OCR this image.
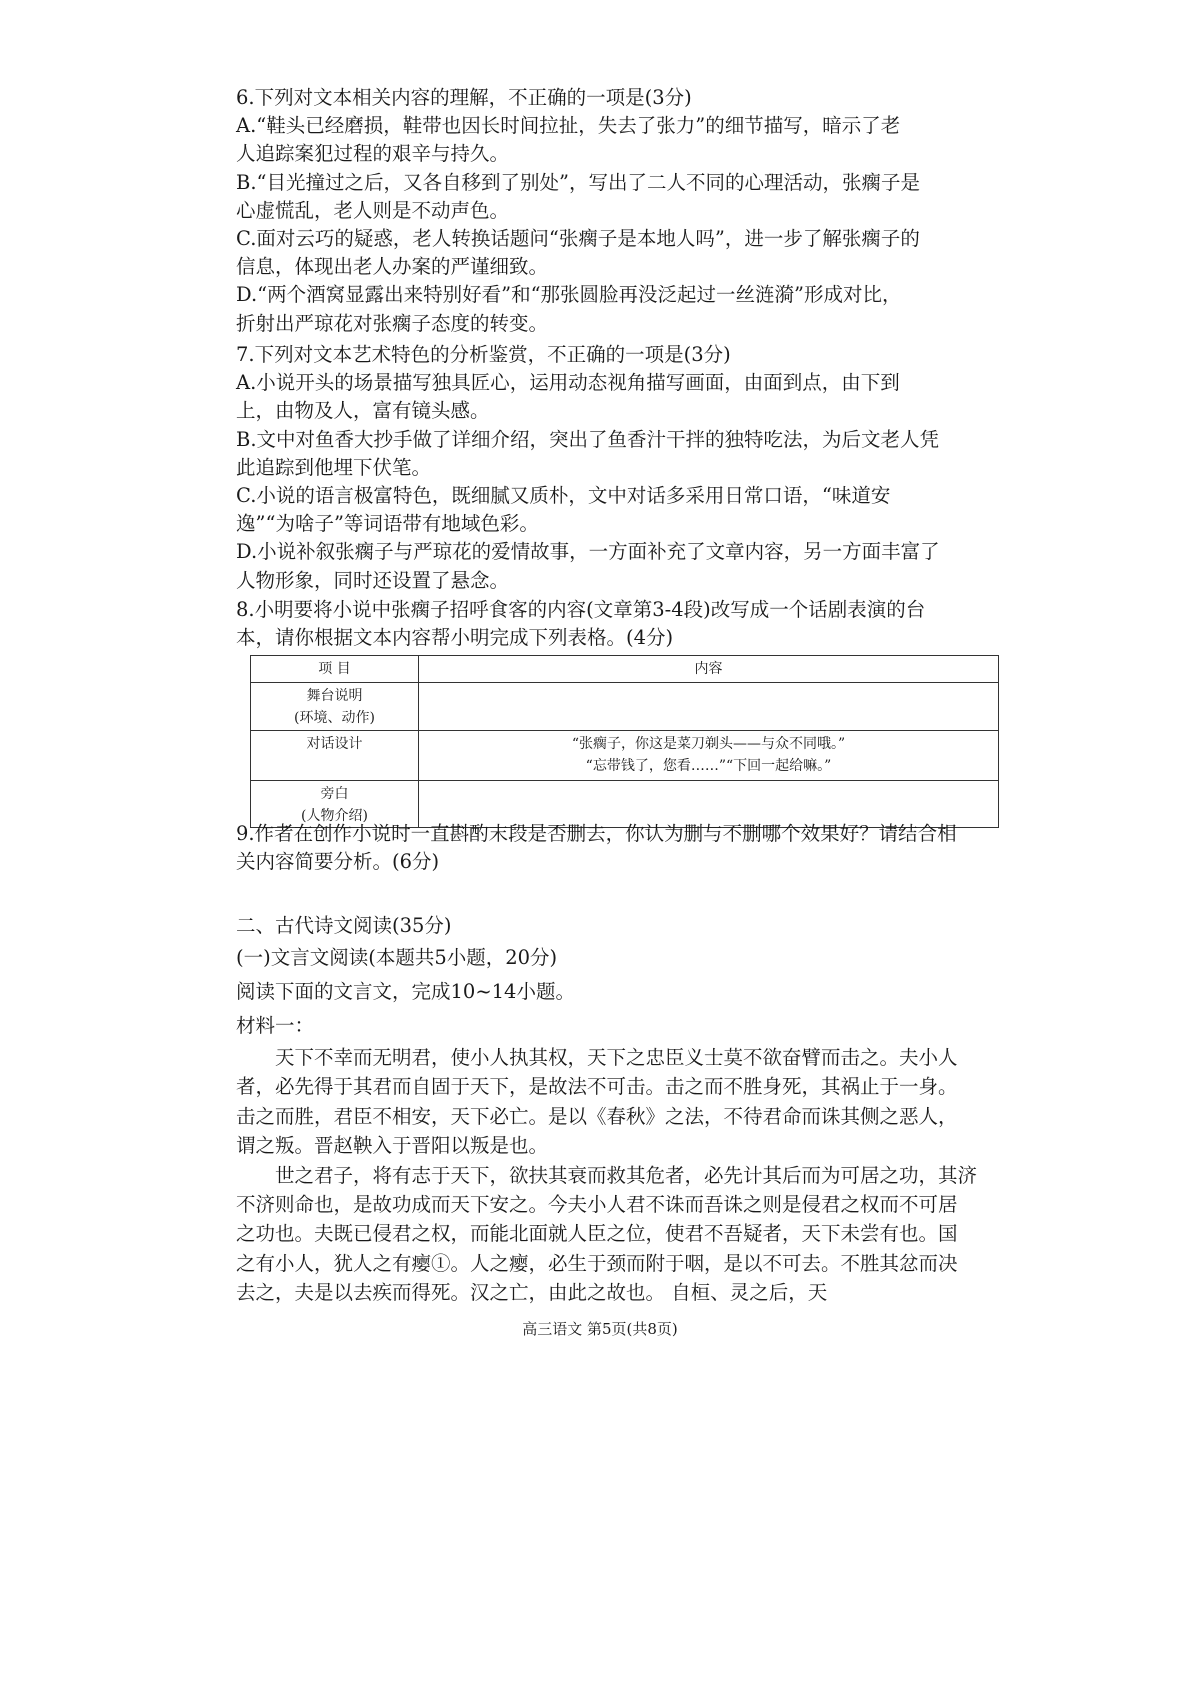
6.下列对文本相关内容的理解，不正确的一项是(3分)

A.“鞋头已经磨损，鞋带也因长时间拉扯，失去了张力”的细节描写，暗示了老

人追踪案犯过程的艰辛与持久。

B.“目光撞过之后，又各自移到了别处”，写出了二人不同的心理活动，张瘸子是

心虚慌乱，老人则是不动声色。

C.面对云巧的疑惑，老人转换话题问“张瘸子是本地人吗”，进一步了解张瘸子的

信息，体现出老人办案的严谨细致。

D.“两个酒窝显露出来特别好看”和“那张圆脸再没泛起过一丝涟漪”形成对比，

折射出严琼花对张瘸子态度的转变。

7.下列对文本艺术特色的分析鉴赏，不正确的一项是(3分)

A.小说开头的场景描写独具匠心，运用动态视角描写画面，由面到点，由下到

上，由物及人，富有镜头感。

B.文中对鱼香大抄手做了详细介绍，突出了鱼香汁干拌的独特吃法，为后文老人凭

此追踪到他埋下伏笔。

C.小说的语言极富特色，既细腻又质朴，文中对话多采用日常口语，“味道安

逸”“为啥子”等词语带有地域色彩。

D.小说补叙张瘸子与严琼花的爱情故事，一方面补充了文章内容，另一方面丰富了

人物形象，同时还设置了悬念。

8.小明要将小说中张瘸子招呼食客的内容(文章第3-4段)改写成一个话剧表演的台

本，请你根据文本内容帮小明完成下列表格。(4分)

项 目	内容

舞台说明

(环境、动作)	

对话设计	“张瘸子，你这是菜刀剃头——与众不同哦。”

“忘带钱了，您看……”“下回一起给嘛。”

旁白

(人物介绍)	

9.作者在创作小说时一直斟酌末段是否删去，你认为删与不删哪个效果好？请结合相

关内容简要分析。(6分)

二、古代诗文阅读(35分)
(一)文言文阅读(本题共5小题，20分)
阅读下面的文言文，完成10~14小题。
材料一：

　　天下不幸而无明君，使小人执其权，天下之忠臣义士莫不欲奋臂而击之。夫小人

者，必先得于其君而自固于天下，是故法不可击。击之而不胜身死，其祸止于一身。

击之而胜，君臣不相安，天下必亡。是以《春秋》之法，不待君命而诛其侧之恶人，

谓之叛。晋赵鞅入于晋阳以叛是也。

　　世之君子，将有志于天下，欲扶其衰而救其危者，必先计其后而为可居之功，其济

不济则命也，是故功成而天下安之。今夫小人君不诛而吾诛之则是侵君之权而不可居

之功也。夫既已侵君之权，而能北面就人臣之位，使君不吾疑者，天下未尝有也。国

之有小人，犹人之有瘿①。人之瘿，必生于颈而附于咽，是以不可去。不胜其忿而决

去之，夫是以去疾而得死。汉之亡，由此之故也。 自桓、灵之后，天

高三语文 第5页(共8页)
